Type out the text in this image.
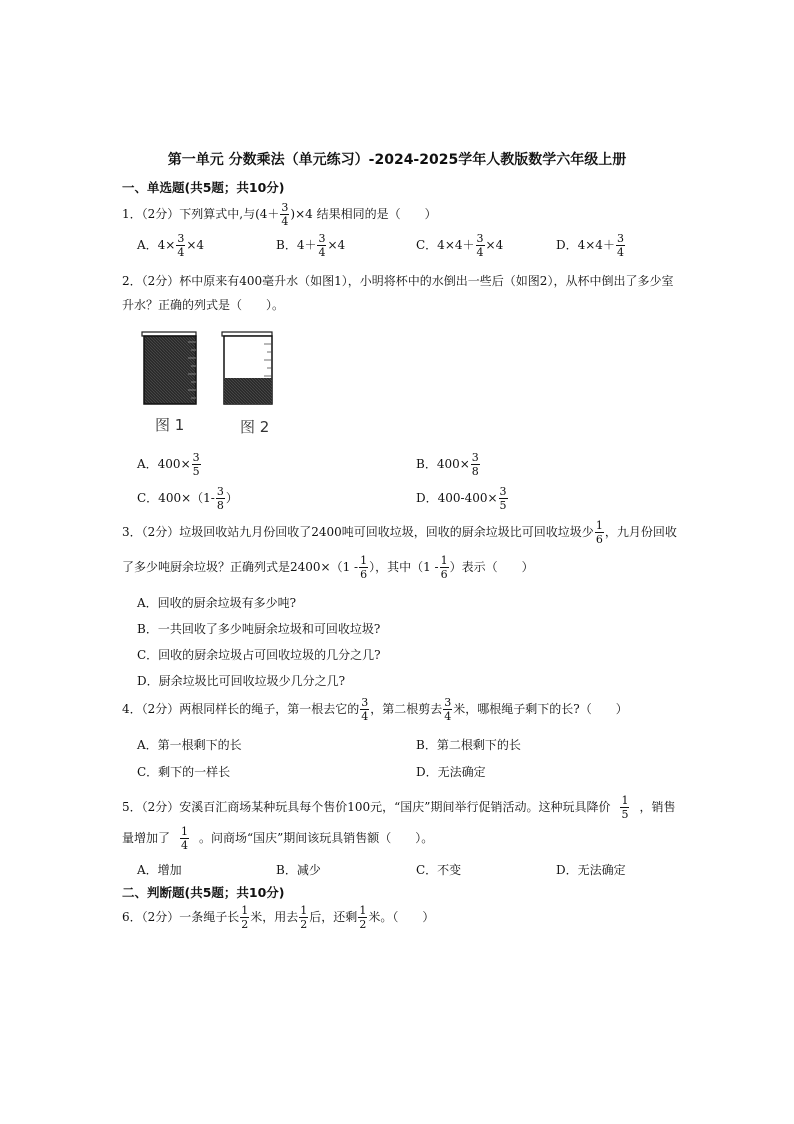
第一单元 分数乘法（单元练习）-2024-2025学年人教版数学六年级上册
一、单选题(共5题；共10分)
1．（2分）下列算式中,与$(4+ \frac{3}{4} )\times 4$ 结果相同的是（　　）
A．$4\times \frac{3}{4} \times 4$	B．$4+ \frac{3}{4} \times 4$	C．$4\times 4+ \frac{3}{4} \times 4$	D．$4\times 4+ \frac{3}{4}$
2．（2分）杯中原来有400毫升水（如图1），小明将杯中的水倒出一些后（如图2），从杯中倒出了多少室
升水？正确的列式是（　　）。
图 1	图 2
A．$400\times \frac{3}{5}$	B．$400\times \frac{3}{8}$
C．$400\times(1- \frac{3}{8}$ ）	D．$400-400\times \frac{3}{5}$
3．（2分）垃圾回收站九月份回收了2400吨可回收垃圾，回收的厨余垃圾比可回收垃圾少 $\frac{1}{6}$ ，九月份回收
了多少吨厨余垃圾？正确列式是$2400\times(1 - \frac{1}{6}$ ），其中（$1 - \frac{1}{6}$ ）表示（　　）
A．回收的厨余垃圾有多少吨?
B．一共回收了多少吨厨余垃圾和可回收垃圾?
C．回收的厨余垃圾占可回收垃圾的几分之几?
D．厨余垃圾比可回收垃圾少几分之几?
4．（2分）两根同样长的绳子，第一根去它的 $\frac{3}{4}$ ，第二根剪去 $\frac{3}{4}$ 米，哪根绳子剩下的长?（　　）
A．第一根剩下的长	B．第二根剩下的长
C．剩下的一样长	D．无法确定
5．（2分）安溪百汇商场某种玩具每个售价100元，“国庆”期间举行促销活动。这种玩具降价 $\frac{1}{5}$ ，销售
量增加了 $\frac{1}{4}$ 。问商场“国庆”期间该玩具销售额（　　）。
A．增加	B．减少	C．不变	D．无法确定
二、判断题(共5题；共10分)
6．（2分）一条绳子长 $\frac{1}{2}$ 米，用去 $\frac{1}{2}$ 后，还剩 $\frac{1}{2}$ 米。（　　）
